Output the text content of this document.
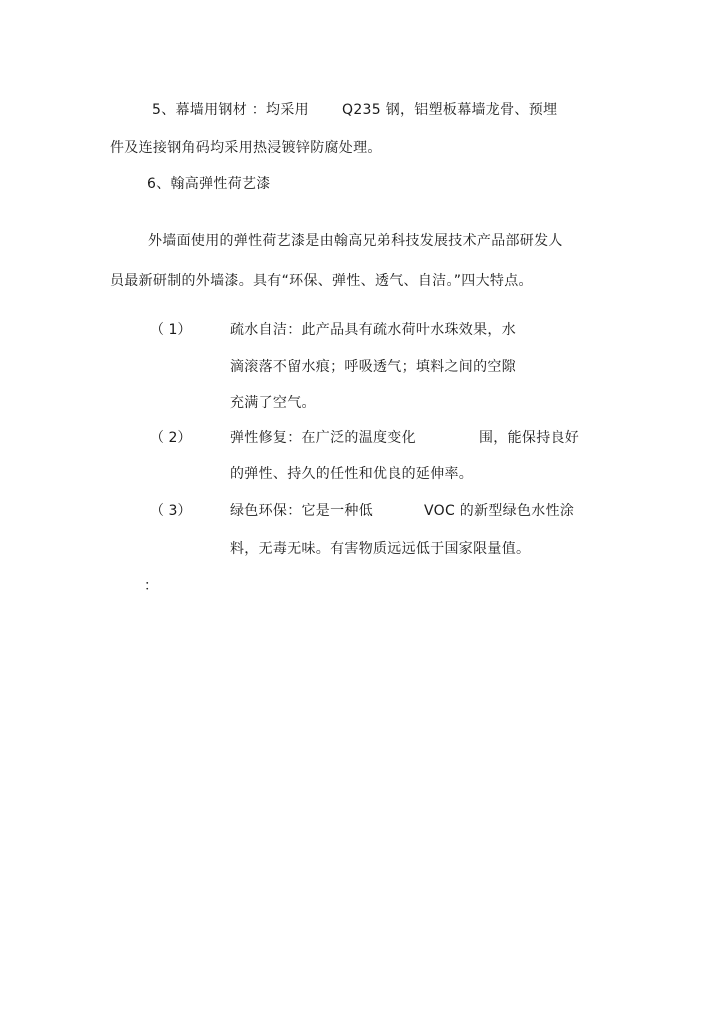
5、幕墙用钢材 ：均采用 Q235 钢，铝塑板幕墙龙骨、预埋
件及连接钢角码均采用热浸镀锌防腐处理。
6、翰高弹性荷艺漆
外墙面使用的弹性荷艺漆是由翰高兄弟科技发展技术产品部研发人
员最新研制的外墙漆。具有“环保、弹性、透气、自洁。”四大特点。
（ 1）	疏水自洁：此产品具有疏水荷叶水珠效果，水
滴滚落不留水痕；呼吸透气；填料之间的空隙
充满了空气。
（ 2）	弹性修复：在广泛的温度变化	围，能保持良好
的弹性、持久的任性和优良的延伸率。
（ 3）	绿色环保：它是一种低	VOC 的新型绿色水性涂
料，无毒无味。有害物质远远低于国家限量值。
：
